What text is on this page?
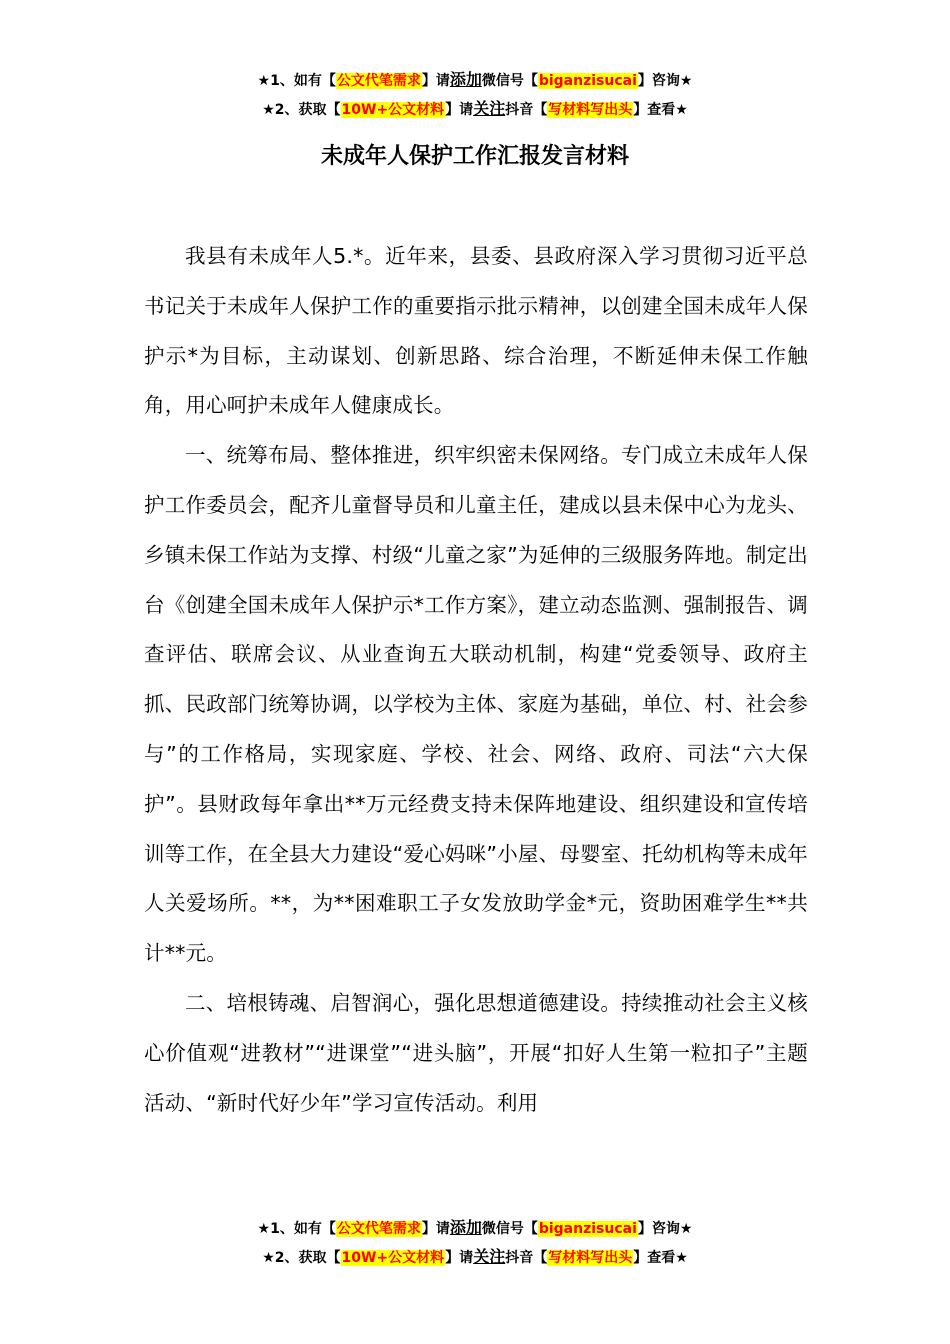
★1、如有【公文代笔需求】请添加微信号【biganzisucai】咨询★
★2、获取【10W+公文材料】请关注抖音【写材料写出头】查看★
未成年人保护工作汇报发言材料

我县有未成年人5.*。近年来，县委、县政府深入学习贯彻习近平总书记关于未成年人保护工作的重要指示批示精神，以创建全国未成年人保护示*为目标，主动谋划、创新思路、综合治理，不断延伸未保工作触角，用心呵护未成年人健康成长。

一、统筹布局、整体推进，织牢织密未保网络。专门成立未成年人保护工作委员会，配齐儿童督导员和儿童主任，建成以县未保中心为龙头、乡镇未保工作站为支撑、村级“儿童之家”为延伸的三级服务阵地。制定出台《创建全国未成年人保护示*工作方案》，建立动态监测、强制报告、调查评估、联席会议、从业查询五大联动机制，构建“党委领导、政府主抓、民政部门统筹协调，以学校为主体、家庭为基础，单位、村、社会参与”的工作格局，实现家庭、学校、社会、网络、政府、司法“六大保护”。县财政每年拿出**万元经费支持未保阵地建设、组织建设和宣传培训等工作，在全县大力建设“爱心妈咪”小屋、母婴室、托幼机构等未成年人关爱场所。**，为**困难职工子女发放助学金*元，资助困难学生**共计**元。

二、培根铸魂、启智润心，强化思想道德建设。持续推动社会主义核心价值观“进教材”“进课堂”“进头脑”，开展“扣好人生第一粒扣子”主题活动、“新时代好少年”学习宣传活动。利用

★1、如有【公文代笔需求】请添加微信号【biganzisucai】咨询★
★2、获取【10W+公文材料】请关注抖音【写材料写出头】查看★
